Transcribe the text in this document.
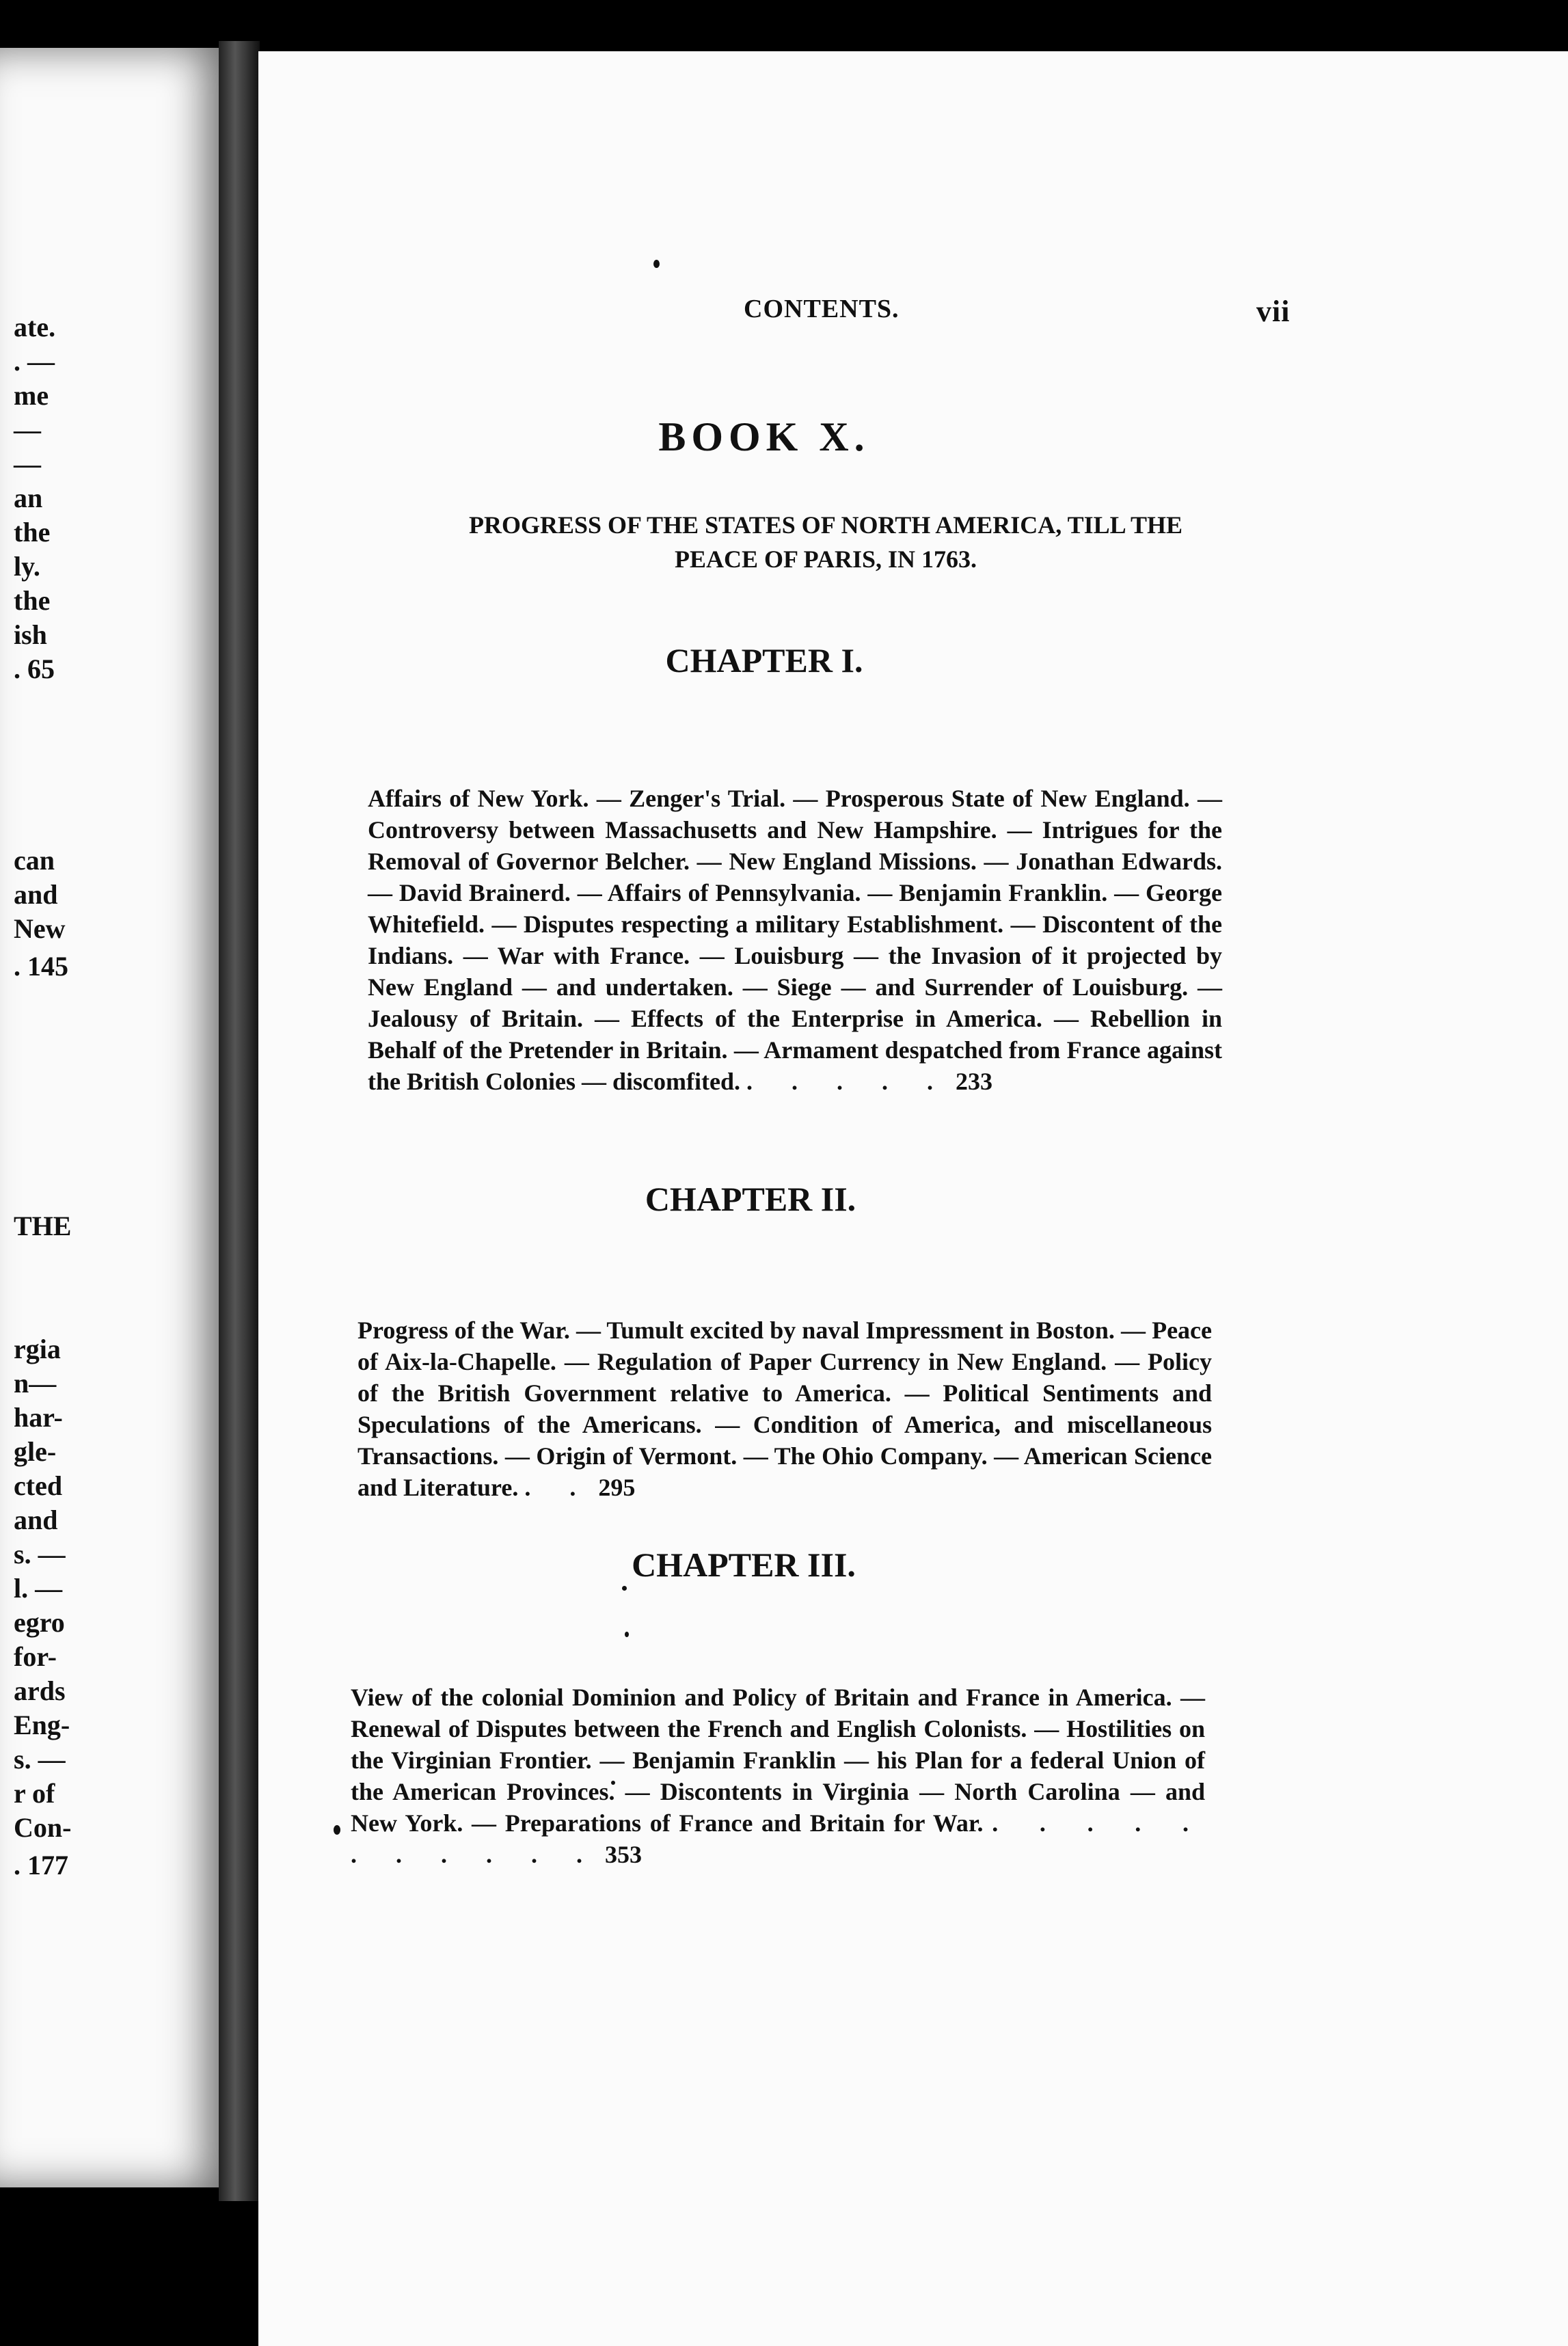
ate.
. —
me
—
—
an
the
ly.
the
ish
. 65
can
and
New
. 145
THE
rgia
n—
har-
gle-
cted
and
s. —
l. —
egro
for-
ards
Eng-
s. —
r of
Con-
. 177
CONTENTS.	vii
BOOK X.
PROGRESS OF THE STATES OF NORTH AMERICA, TILL THE
PEACE OF PARIS, IN 1763.
CHAPTER I.
Affairs of New York. — Zenger's Trial. — Prosperous State of New England. — Controversy between Massachusetts and New Hampshire. — Intrigues for the Removal of Governor Belcher. — New England Missions. — Jonathan Edwards. — David Brainerd. — Affairs of Pennsylvania. — Benjamin Franklin. — George Whitefield. — Disputes respecting a military Establishment. — Discontent of the Indians. — War with France. — Louisburg — the Invasion of it projected by New England — and undertaken. — Siege — and Surrender of Louisburg. — Jealousy of Britain. — Effects of the Enterprise in America. — Rebellion in Behalf of the Pretender in Britain. — Armament despatched from France against the British Colonies — discomfited. . . . . . 233
CHAPTER II.
Progress of the War. — Tumult excited by naval Impressment in Boston. — Peace of Aix-la-Chapelle. — Regulation of Paper Currency in New England. — Policy of the British Government relative to America. — Political Sentiments and Speculations of the Americans. — Condition of America, and miscellaneous Transactions. — Origin of Vermont. — The Ohio Company. — American Science and Literature. . . 295
CHAPTER III.
View of the colonial Dominion and Policy of Britain and France in America. — Renewal of Disputes between the French and English Colonists. — Hostilities on the Virginian Frontier. — Benjamin Franklin — his Plan for a federal Union of the American Provinces. — Discontents in Virginia — North Carolina — and New York. — Preparations of France and Britain for War. . . . . . . . . . . . 353
